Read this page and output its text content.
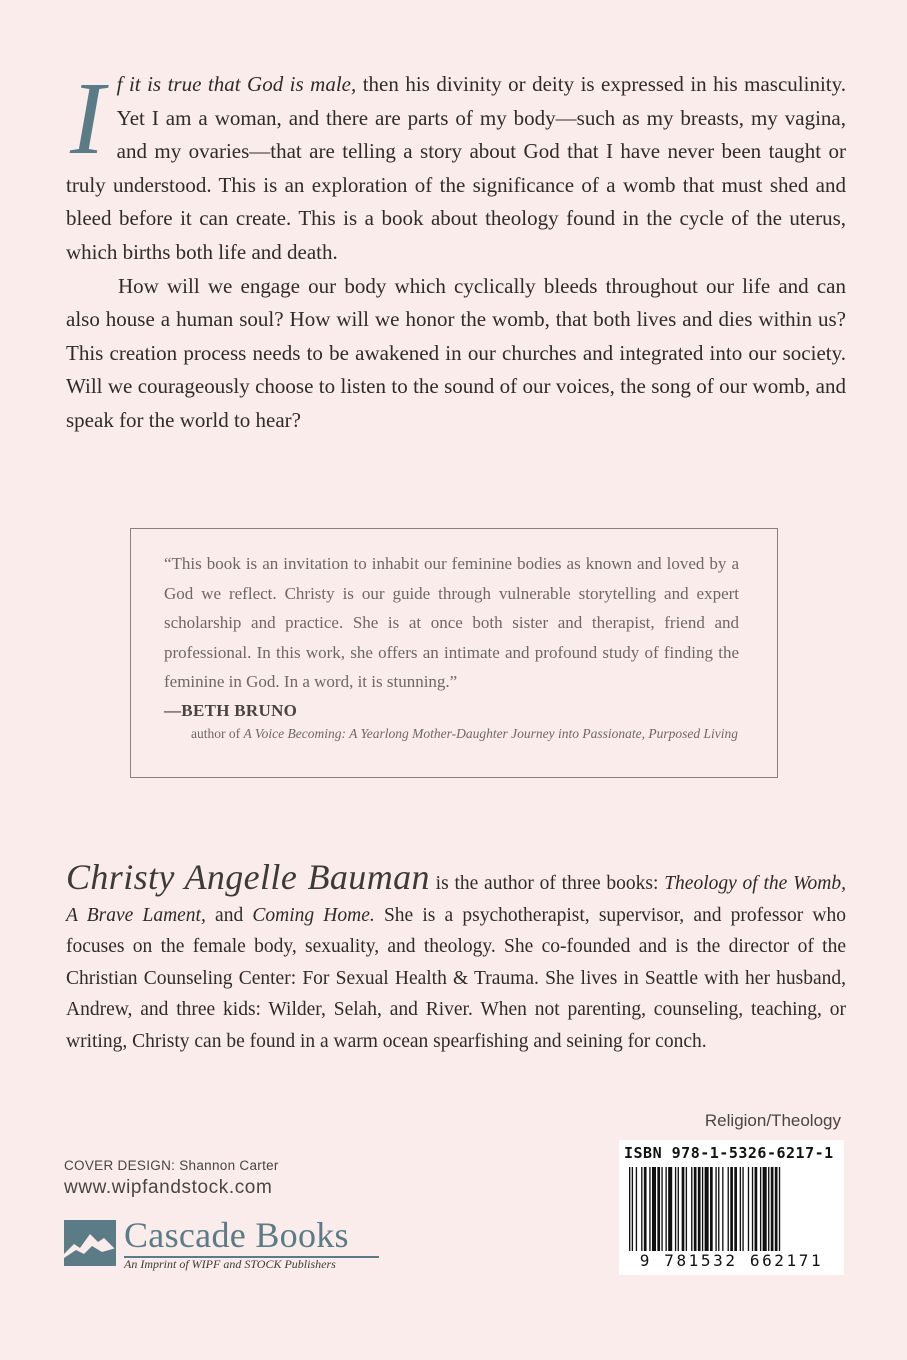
If it is true that God is male, then his divinity or deity is expressed in his masculinity. Yet I am a woman, and there are parts of my body—such as my breasts, my vagina, and my ovaries—that are telling a story about God that I have never been taught or truly understood. This is an exploration of the significance of a womb that must shed and bleed before it can create. This is a book about theology found in the cycle of the uterus, which births both life and death.

How will we engage our body which cyclically bleeds throughout our life and can also house a human soul? How will we honor the womb, that both lives and dies within us? This creation process needs to be awakened in our churches and integrated into our society. Will we courageously choose to listen to the sound of our voices, the song of our womb, and speak for the world to hear?

“This book is an invitation to inhabit our feminine bodies as known and loved by a God we reflect. Christy is our guide through vulnerable storytelling and expert scholarship and practice. She is at once both sister and therapist, friend and professional. In this work, she offers an intimate and profound study of finding the feminine in God. In a word, it is stunning.”

—BETH BRUNO
author of A Voice Becoming: A Yearlong Mother-Daughter Journey into Passionate, Purposed Living

Christy Angelle Bauman is the author of three books: Theology of the Womb, A Brave Lament, and Coming Home. She is a psychotherapist, supervisor, and professor who focuses on the female body, sexuality, and theology. She co-founded and is the director of the Christian Counseling Center: For Sexual Health & Trauma. She lives in Seattle with her husband, Andrew, and three kids: Wilder, Selah, and River. When not parenting, counseling, teaching, or writing, Christy can be found in a warm ocean spearfishing and seining for conch.

Religion/Theology
ISBN 978-1-5326-6217-1
9 781532 662171
COVER DESIGN: Shannon Carter
www.wipfandstock.com
Cascade Books
An Imprint of WIPF and STOCK Publishers
